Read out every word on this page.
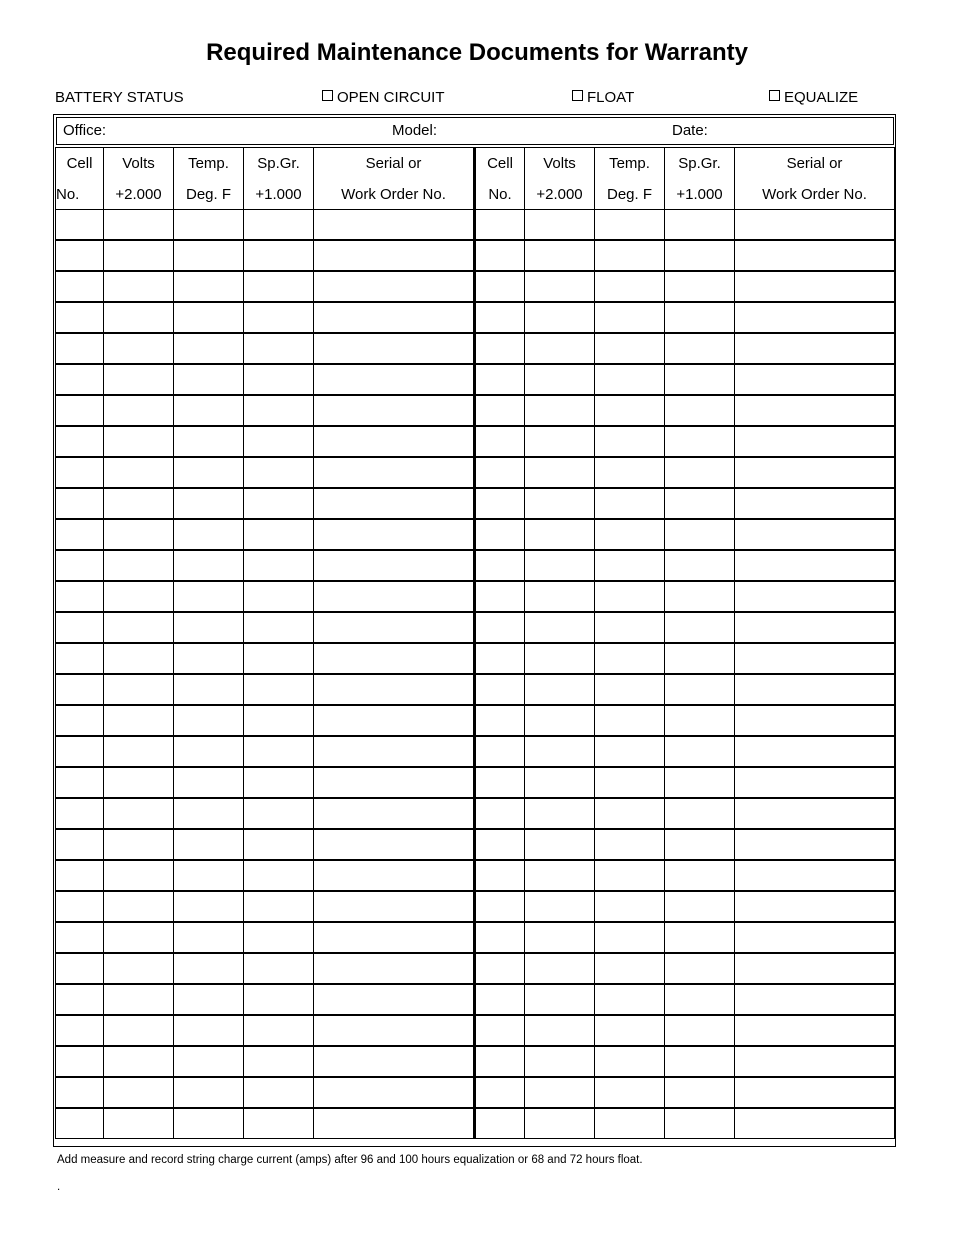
Required Maintenance Documents for Warranty
BATTERY STATUS	OPEN CIRCUIT	FLOAT	EQUALIZE
Office:	Model:	Date:
Cell	Volts	Temp.	Sp.Gr.	Serial or	Cell	Volts	Temp.	Sp.Gr.	Serial or
No.	+2.000	Deg. F	+1.000	Work Order No.	No.	+2.000	Deg. F	+1.000	Work Order No.

Add measure and record string charge current (amps) after 96 and 100 hours equalization or 68 and 72 hours float.
.
